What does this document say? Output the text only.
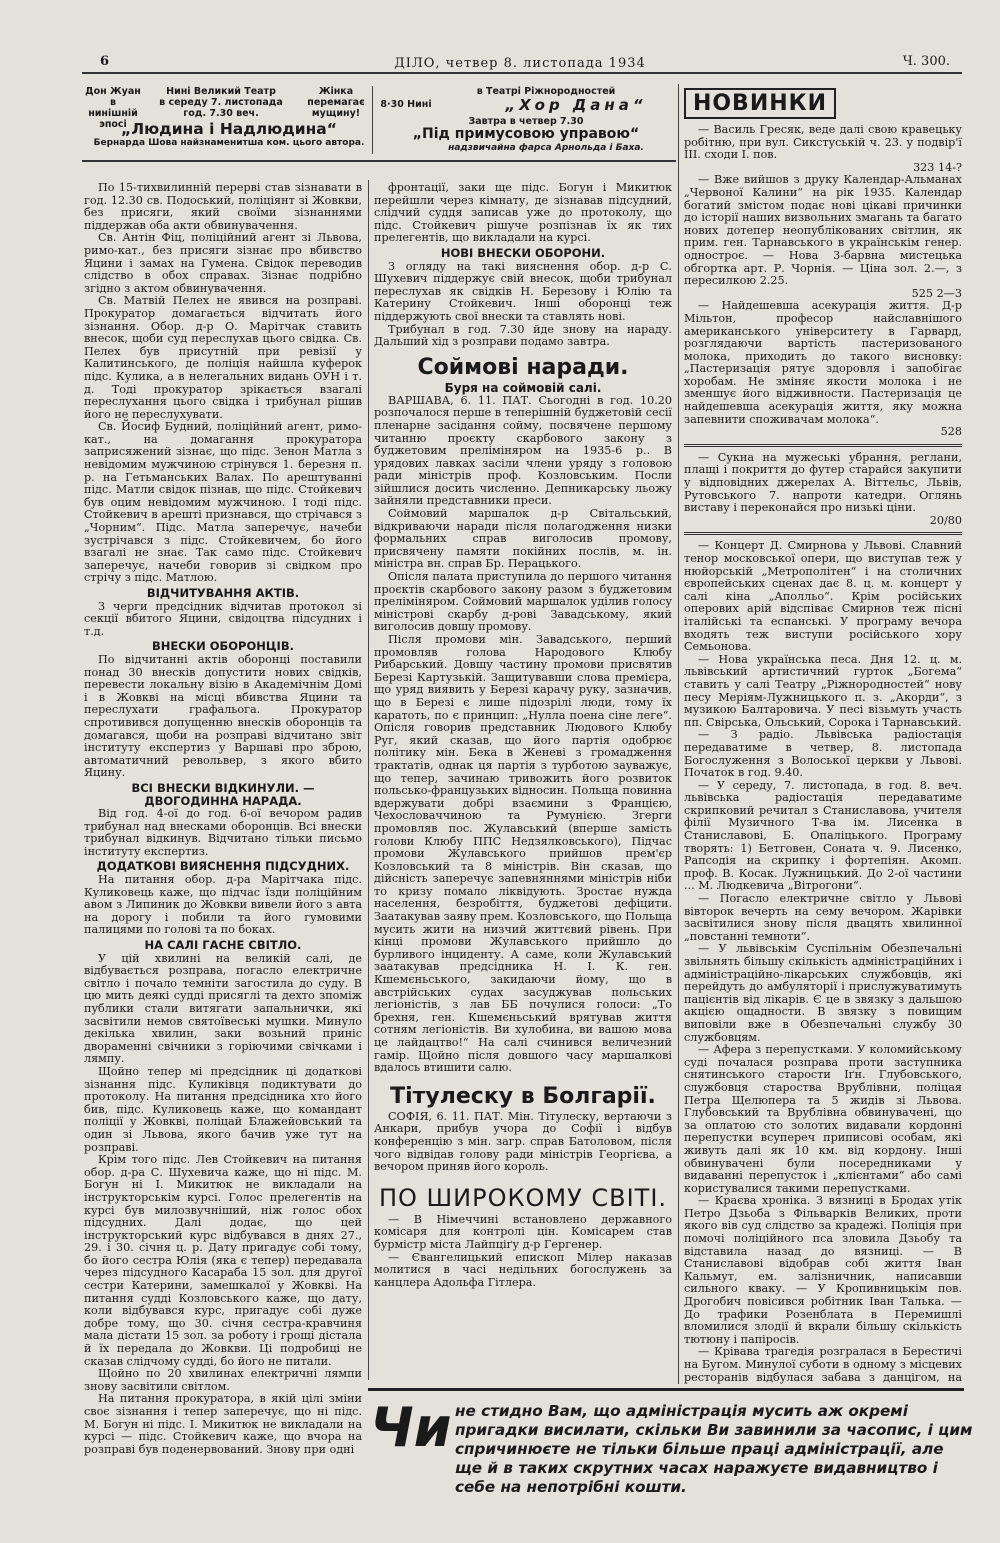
6	ДІЛО, четвер 8. листопада 1934	Ч. 300.
Дон Жуан в нинішній эпосі
Нині Великий Театр
в середу 7. листопада
год. 7.30 веч.
Жінка перемагає мущину!
„Людина і Надлюдина“
Бернарда Шова найзнаменитша ком. цього автора.
в Театрі Ріжнородностей
8·30 Нині	„Хор Дана“
Завтра в четвер 7.30
„Під примусовою управою“
надзвичайна фарса Арнольда і Баха.

По 15-тихвилинній перерві став зізнавати в год. 12.30 св. Подоський, поліціянт зі Жовкви, без присяги, який своїми зізнаннями піддержав оба акти обвинувачення.

Св. Антін Фіц, поліційний агент зі Львова, римо-кат., без присяги зізнає про вбивство Яцини і замах на Гумена. Свідок переводив слідство в обох справах. Зізнає подрібно згідно з актом обвинувачення.

Св. Матвій Пелех не явився на розправі. Прокуратор домагається відчитать його зізнання. Обор. д-р О. Марітчак ставить внесок, щоби суд переслухав цього свідка. Св. Пелех був присутній при ревізії у Калитинського, де поліція найшла куферок підс. Кулика, а в нелегальних видань ОУН і т. д. Тоді прокуратор зрікається взагалі переслухання цього свідка і трибунал рішив його не переслухувати.

Св. Йосиф Будний, поліційний агент, римо-кат., на домагання прокуратора заприсяжений зізнає, що підс. Зенон Матла з невідомим мужчиною стрінувся 1. березня п. р. на Гетьманських Валах. По арештуванні підс. Матли свідок пізнав, що підс. Стойкевич був оцим невідомим мужчиною. І тоді підс. Стойкевич в арешті признався, що стрічався з „Чорним“. Підс. Матла заперечує, начеби зустрічався з підс. Стойкевичем, бо його взагалі не знає. Так само підс. Стойкевич заперечує, начеби говорив зі свідком про стрічу з підс. Матлою.

ВІДЧИТУВАННЯ АКТІВ.

З черги предсідник відчитав протокол зі секції вбитого Яцини, свідоцтва підсудних і т.д.

ВНЕСКИ ОБОРОНЦІВ.

По відчитанні актів оборонці поставили понад 30 внесків допустити нових свідків, перевести локальну візію в Академічнім Домі і в Жовкві на місці вбивства Яцини та переслухати графальога. Прокуратор спротивився допущенню внесків оборонців та домагався, щоби на розправі відчитано звіт інституту експертиз у Варшаві про зброю, автоматичний револьвер, з якого вбито Яцину.

ВСІ ВНЕСКИ ВІДКИНУЛИ. — ДВОГОДИННА НАРАДА.

Від год. 4-ої до год. 6-ої вечором радив трибунал над внесками оборонців. Всі внески трибунал відкинув. Відчитано тільки письмо інституту експертиз.

ДОДАТКОВІ ВИЯСНЕННЯ ПІДСУДНИХ.

На питання обор. д-ра Марітчака підс. Куликовець каже, що підчас їзди поліційним авом з Липиник до Жовкви вивели його з авта на дорогу і побили та його гумовими палицями по голові та по боках.

НА САЛІ ГАСНЕ СВІТЛО.

У цій хвилині на великій салі, де відбувається розправа, погасло електричне світло і почало темніти загостила до суду. В цю мить деякі судді присяглі та дехто зпоміж публики стали витягати запальнички, які засвітили немов святоївеські мушки. Минуло декілька хвилин, заки возьний приніс двораменні свічники з горіючими свічками і лямпу.

Щойно тепер мі предсідник ці додаткові зізнання підс. Куликівця подиктувати до протоколу. На питання предсідника хто його бив, підс. Куликовець каже, що командант поліції у Жовкві, поліцай Блажейовський та один зі Львова, якого бачив уже тут на розправі.

Крім того підс. Лев Стойкевич на питання обор. д-ра С. Шухевича каже, що ні підс. М. Богун ні І. Микитюк не викладали на інструкторськім курсі. Голос прелегентів на курсі був милозвучніший, ніж голос обох підсудних. Далі додає, що цей інструкторський курс відбувався в днях 27., 29. і 30. січня ц. р. Дату пригадує собі тому, бо його сестра Юлія (яка є тепер) передавала через підсудного Касараба 15 зол. для другої сестри Катерини, замешкалої у Жовкві. На питання судді Козловського каже, що дату, коли відбувався курс, пригадує собі дуже добре тому, що 30. січня сестра-кравчиня мала дістати 15 зол. за роботу і грощі дістала й їх передала до Жовкви. Ці подробиці не сказав слідчому судді, бо його не питали.

Щойно по 20 хвилинах електричні лямпи знову засвітили світлом.

На питання прокуратора, в якій цілі зміни своє зізнання і тепер заперечує, що ні підс. М. Богун ні підс. І. Микитюк не викладали на курсі — підс. Стойкевич каже, що вчора на розправі був поденервований. Знову при одні

фронтації, заки ще підс. Богун і Микитюк перейшли через кімнату, де зізнавав підсудний, слідчий суддя записав уже до протоколу, що підс. Стойкевич рішуче розпізнав їх як тих прелегентів, що викладали на курсі.

НОВІ ВНЕСКИ ОБОРОНИ.

З огляду на такі вияснення обор. д-р С. Шухевич піддержує свій внесок, щоби трибунал переслухав як свідків Н. Березову і Юлію та Катерину Стойкевич. Інші оборонці теж піддержують свої внески та ставлять нові.

Трибунал в год. 7.30 йде знову на нараду. Дальший хід з розправи подамо завтра.

Соймові наради.
Буря на соймовій салі.

ВАРШАВА, 6. 11. ПАТ. Сьогодні в год. 10.20 розпочалося перше в теперішній буджетовій сесії пленарне засідання сойму, посвячене першому читанню проєкту скарбового закону з буджетовим преліміняром на 1935-6 р.. В урядових лавках засіли члени уряду з головою ради міністрів проф. Козловським. Посли зійшлися досить численно. Депникарську льожу зайняли представники преси.

Соймовий маршалок д-р Світальський, відкриваючи наради після полагодження низки формальних справ виголосив промову, присвячену памяти покійних послів, м. ін. міністра вн. справ Бр. Перацького.

Опісля палата приступила до першого читання проєктів скарбового закону разом з буджетовим преліміняром. Соймовий маршалок уділив голосу міністрові скарбу д-рові Завадському, який виголосив довшу промову.

Після промови мін. Завадського, перший промовляв голова Народового Клюбу Рибарський. Довшу частину промови присвятив Березі Картузькій. Защитувавши слова премієра, що уряд виявить у Березі карачу руку, зазначив, що в Березі є лише підозрілі люди, тому їх каратоть, по є принцип: „Нулла поена сіне леге“. Опісля говорив представник Людового Клюбу Руг, який сказав, що його партія одобрює політику мін. Бека в Женеві з громадження трактатів, однак ця партія з турботою зауважує, що тепер, зачинаю тривожить його розвиток польсько-французьких відносин. Польща повинна вдержувати добрі взаємини з Францією, Чехословаччиною та Румунією. Згерги промовляв пос. Жулавський (вперше замість голови Клюбу ППС Недзялковського), Підчас промови Жулавського прийшов прем'єр Козловський та 8 міністрів. Він сказав, що дійсність заперечує запевняннями міністрів ніби то кризу помало ліквідують. Зростає нужда населення, безробіття, буджетові дефіцити. Заатакував заяву прем. Козловського, що Польща мусить жити на низчий життєвий рівень. При кінці промови Жулавського прийшло до бурливого інциденту. А саме, коли Жулавський заатакував предсідника Н. І. К. ген. Кшемєньського, закидаючи йому, що в австрійських судах засуджував польських легіоністів, з лав ББ почулися голоси: „То брехня, ген. Кшемєньський врятував життя сотням легіоністів. Ви хулобина, ви вашою мова це лайдацтво!“ На салі счинився величезний гамір. Щойно після довшого часу маршалкові вдалось втишити салю.

Тітулеску в Болгарії.

СОФІЯ, 6. 11. ПАТ. Мін. Тітулеску, вертаючи з Анкари, прибув учора до Софії і відбув конференцію з мін. загр. справ Батоловом, після чого відвідав голову ради міністрів Георгієва, а вечором приняв його король.

ПО ШИРОКОМУ СВІТІ.

— В Німеччині встановлено державного комісаря для контролі цін. Комісарем став бурмістр міста Лайпціґу д-р Гергенер.

— Євангелицький епископ Мілер наказав молитися в часі недільних богослужень за канцлера Адольфа Гітлера.

НОВИНКИ

— Василь Гресяк, веде далі свою кравецьку робітню, при вул. Сикстуській ч. 23. у подвір'ї III. сходи І. пов.

323 14-?

— Вже вийшов з друку Календар-Альманах „Червоної Калини“ на рік 1935. Календар богатий змістом подає нові цікаві причинки до історії наших визвольних змагань та багато нових дотепер неопублікованих світлин, як прим. ген. Тарнавського в українськім генер. одностроє. — Нова 3-барвна мистецька обгортка арт. Р. Чорнія. — Ціна зол. 2.—, з пересилкою 2.25.

525 2—3

— Найдешевша асекурація життя. Д-р Мільтон, професор найславнішого американського університету в Гарвард, розглядаючи вартість пастеризованого молока, приходить до такого висновку: „Пастеризація рятує здоровля і запобігає хоробам. Не зміняє якости молока і не зменшує його відживности. Пастеризація це найдешевша асекурація життя, яку можна запевнити споживачам молока“.

528

— Сукна на мужеські убрання, реглани, плащі і покриття до футер старайся закупити у відповідних джерелах А. Віттельс, Львів, Рутовського 7. напроти катедри. Оглянь виставу і переконайся про низькі ціни.

20/80

— Концерт Д. Смирнова у Львові. Славний тенор московської опери, що виступав теж у нюйорській „Метрополітен“ і на столичних європейських сценах дає 8. ц. м. концерт у салі кіна „Аполльо“. Крім російських оперових арій відспіває Смирнов теж пісні італійські та еспанські. У програму вечора входять теж виступи російського хору Семьонова.

— Нова українська песа. Дня 12. ц. м. львівський артистичний гурток „Богема“ ставить у салі Театру „Ріжнородностей“ нову песу Меріям-Лужницького п. з. „Акорди“, з музикою Балтаровича. У песі візьмуть участь пп. Свірська, Ольський, Сорока і Тарнавський.

— З радіо. Львівська радіостація передаватиме в четвер, 8. листопада Богослуження з Волоської церкви у Львові. Початок в год. 9.40.

— У середу, 7. листопада, в год. 8. веч. львівська радіостація передаватиме скрипковий речитал з Станиславова, учителя філії Музичного Т-ва ім. Лисенка в Станиславові, Б. Опаліцького. Програму творять: 1) Бетговен, Соната ч. 9. Лисенко, Рапсодія на скрипку і фортепіян. Акомп. проф. В. Косак. Лужницький. До 2-ої частини ... М. Людкевича „Вітрогони“.

— Погасло електричне світло у Львові вівторок вечерть на сему вечором. Жарівки засвітилися знову після двацять хвилинної „повстанні темноти“.

— У львівськім Суспільнім Обезпечальні звільнять більшу скількість адміністраційних і адміністраційно-лікарських службовців, які перейдуть до амбуляторії і прислужуватимуть пацієнтів від лікарів. Є це в звязку з дальшою акцією ощадности. В звязку з повищим виповіли вже в Обезпечальні службу 30 службовцям.

— Афера з перепустками. У коломийському суді почалася розправа проти заступника снятинського старости Іґн. Глубовського, службовця староства Врублівни, поліцая Петра Щелюпера та 5 жидів зі Львова. Глубовський та Врублівна обвинувачені, що за оплатою сто золотих видавали кордонні перепустки всупереч приписові особам, які живуть далі як 10 км. від кордону. Інші обвинувачені були посередниками у видаванні перепусток і „клієнтами“ або самі користувалися такими перепустками.

— Краєва хроніка. З вязниці в Бродах утік Петро Дзьоба з Фільварків Великих, проти якого вів суд слідство за крадежі. Поліція при помочі поліційного пса зловила Дзьобу та відставила назад до вязниці. — В Станиславові відобрав собі життя Іван Кальмут, ем. залізничник, написавши сильного кваку. — У Кропивницькім пов. Дрогобич повісився робітник Іван Талька. — До трафики Розенблата в Перемишлі вломилися злодії й вкрали більшу скількість тютюну і папіросів.

— Крівава трагедія розгралася в Берестичі на Бугом. Минулої суботи в одному з місцевих ресторанів відбулася забава з данцігом, на

Чи не стидно Вам, що адміністрація мусить аж окремі пригадки висилати, скільки Ви завинили за часопис, і цим спричинюєте не тільки більше праці адміністрації, але ще й в таких скрутних часах наражуєте видавництво і себе на непотрібні кошти.
